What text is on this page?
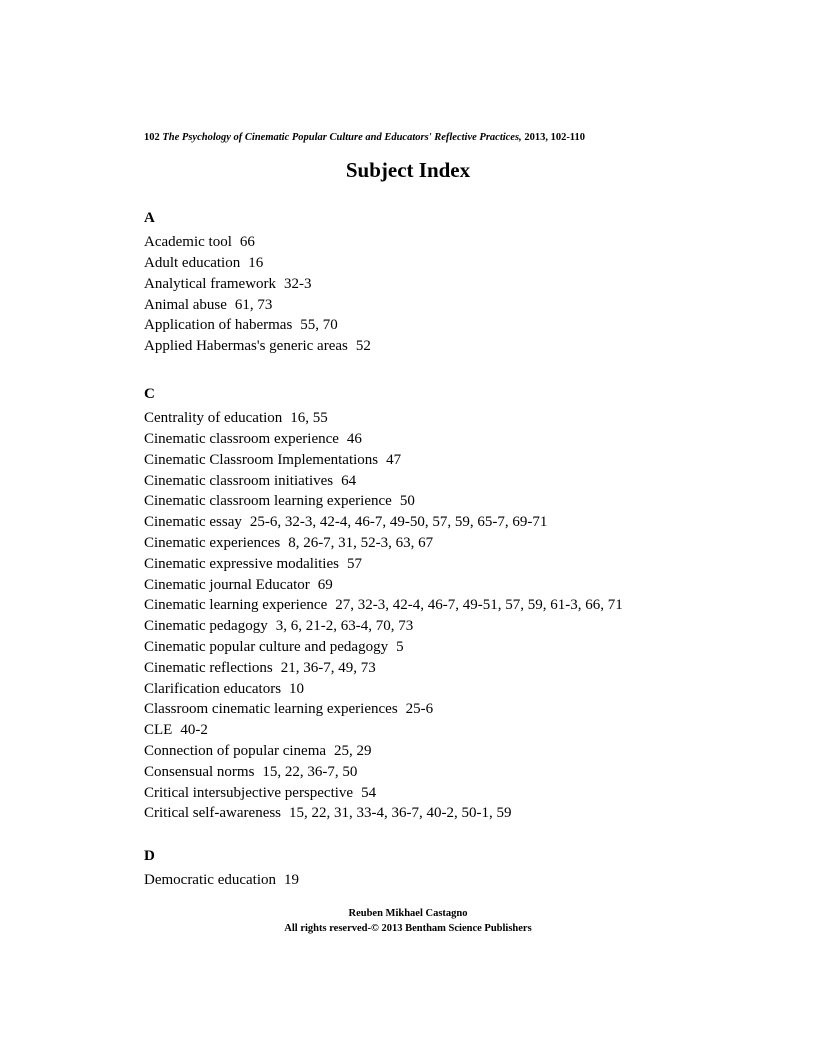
102 The Psychology of Cinematic Popular Culture and Educators' Reflective Practices, 2013, 102-110
Subject Index
A
Academic tool 66
Adult education 16
Analytical framework 32-3
Animal abuse 61, 73
Application of habermas 55, 70
Applied Habermas's generic areas 52
C
Centrality of education 16, 55
Cinematic classroom experience 46
Cinematic Classroom Implementations 47
Cinematic classroom initiatives 64
Cinematic classroom learning experience 50
Cinematic essay 25-6, 32-3, 42-4, 46-7, 49-50, 57, 59, 65-7, 69-71
Cinematic experiences 8, 26-7, 31, 52-3, 63, 67
Cinematic expressive modalities 57
Cinematic journal Educator 69
Cinematic learning experience 27, 32-3, 42-4, 46-7, 49-51, 57, 59, 61-3, 66, 71
Cinematic pedagogy 3, 6, 21-2, 63-4, 70, 73
Cinematic popular culture and pedagogy 5
Cinematic reflections 21, 36-7, 49, 73
Clarification educators 10
Classroom cinematic learning experiences 25-6
CLE 40-2
Connection of popular cinema 25, 29
Consensual norms 15, 22, 36-7, 50
Critical intersubjective perspective 54
Critical self-awareness 15, 22, 31, 33-4, 36-7, 40-2, 50-1, 59
D
Democratic education 19
Reuben Mikhael Castagno
All rights reserved-© 2013 Bentham Science Publishers
